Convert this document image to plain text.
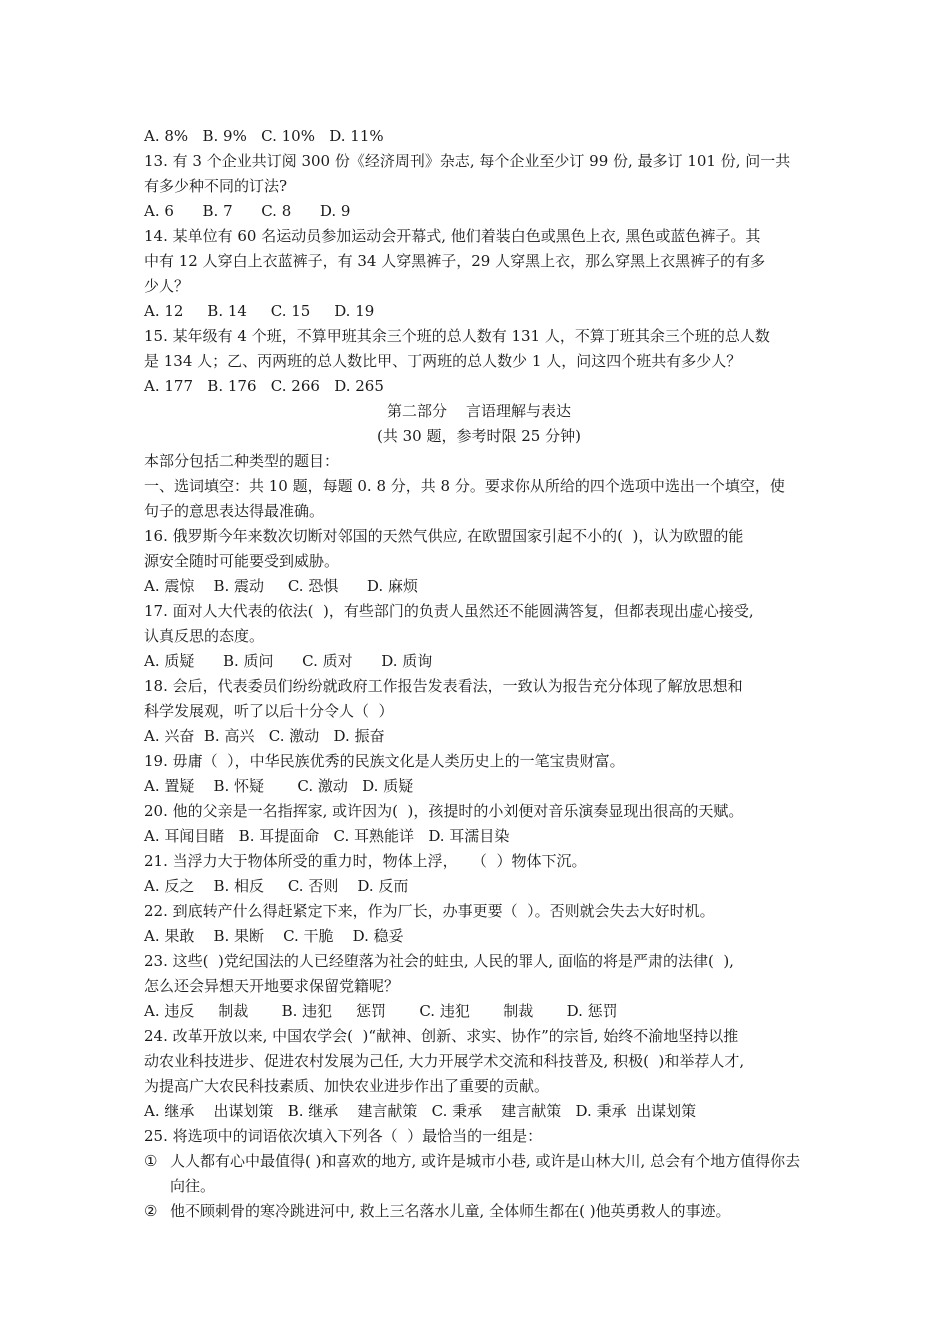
A. 8%   B. 9%   C. 10%   D. 11%
13. 有 3 个企业共订阅 300 份《经济周刊》杂志, 每个企业至少订 99 份, 最多订 101 份, 问一共
有多少种不同的订法?
A. 6      B. 7      C. 8      D. 9
14. 某单位有 60 名运动员参加运动会开幕式, 他们着装白色或黑色上衣, 黑色或蓝色裤子。其
中有 12 人穿白上衣蓝裤子，有 34 人穿黑裤子，29 人穿黑上衣，那么穿黑上衣黑裤子的有多
少人？
A. 12     B. 14     C. 15     D. 19
15. 某年级有 4 个班，不算甲班其余三个班的总人数有 131 人，不算丁班其余三个班的总人数
是 134 人；乙、丙两班的总人数比甲、丁两班的总人数少 1 人，问这四个班共有多少人？
A. 177   B. 176   C. 266   D. 265
第二部分    言语理解与表达
(共 30 题，参考时限 25 分钟)
本部分包括二种类型的题目：
一、选词填空：共 10 题，每题 0. 8 分，共 8 分。要求你从所给的四个选项中选出一个填空，使
句子的意思表达得最准确。
16. 俄罗斯今年来数次切断对邻国的天然气供应, 在欧盟国家引起不小的(  )，认为欧盟的能
源安全随时可能要受到威胁。
A. 震惊    B. 震动     C. 恐惧      D. 麻烦
17. 面对人大代表的依法(  )，有些部门的负责人虽然还不能圆满答复，但都表现出虚心接受,
认真反思的态度。
A. 质疑      B. 质问      C. 质对      D. 质询
18. 会后，代表委员们纷纷就政府工作报告发表看法，一致认为报告充分体现了解放思想和
科学发展观，听了以后十分令人（  ）
A. 兴奋  B. 高兴   C. 激动   D. 振奋
19. 毋庸（  ），中华民族优秀的民族文化是人类历史上的一笔宝贵财富。
A. 置疑    B. 怀疑       C. 激动   D. 质疑
20. 他的父亲是一名指挥家, 或许因为(  )，孩提时的小刘便对音乐演奏显现出很高的天赋。
A. 耳闻目睹   B. 耳提面命   C. 耳熟能详   D. 耳濡目染
21. 当浮力大于物体所受的重力时，物体上浮，   （  ）物体下沉。
A. 反之    B. 相反     C. 否则    D. 反而
22. 到底转产什么得赶紧定下来，作为厂长，办事更要（  ）。否则就会失去大好时机。
A. 果敢    B. 果断    C. 干脆    D. 稳妥
23. 这些(  )党纪国法的人已经堕落为社会的蛀虫, 人民的罪人, 面临的将是严肃的法律(  ),
怎么还会异想天开地要求保留党籍呢？
A. 违反     制裁       B. 违犯     惩罚       C. 违犯       制裁       D. 惩罚
24. 改革开放以来, 中国农学会(  )“献神、创新、求实、协作”的宗旨, 始终不渝地坚持以推
动农业科技进步、促进农村发展为己任, 大力开展学术交流和科技普及, 积极(  )和举荐人才,
为提高广大农民科技素质、加快农业进步作出了重要的贡献。
A. 继承    出谋划策   B. 继承    建言献策   C. 秉承    建言献策   D. 秉承  出谋划策
25. 将选项中的词语依次填入下列各（  ）最恰当的一组是：
① 人人都有心中最值得( )和喜欢的地方, 或许是城市小巷, 或许是山林大川, 总会有个地方值得你去向往。
② 他不顾刺骨的寒冷跳进河中, 救上三名落水儿童, 全体师生都在( )他英勇救人的事迹。
